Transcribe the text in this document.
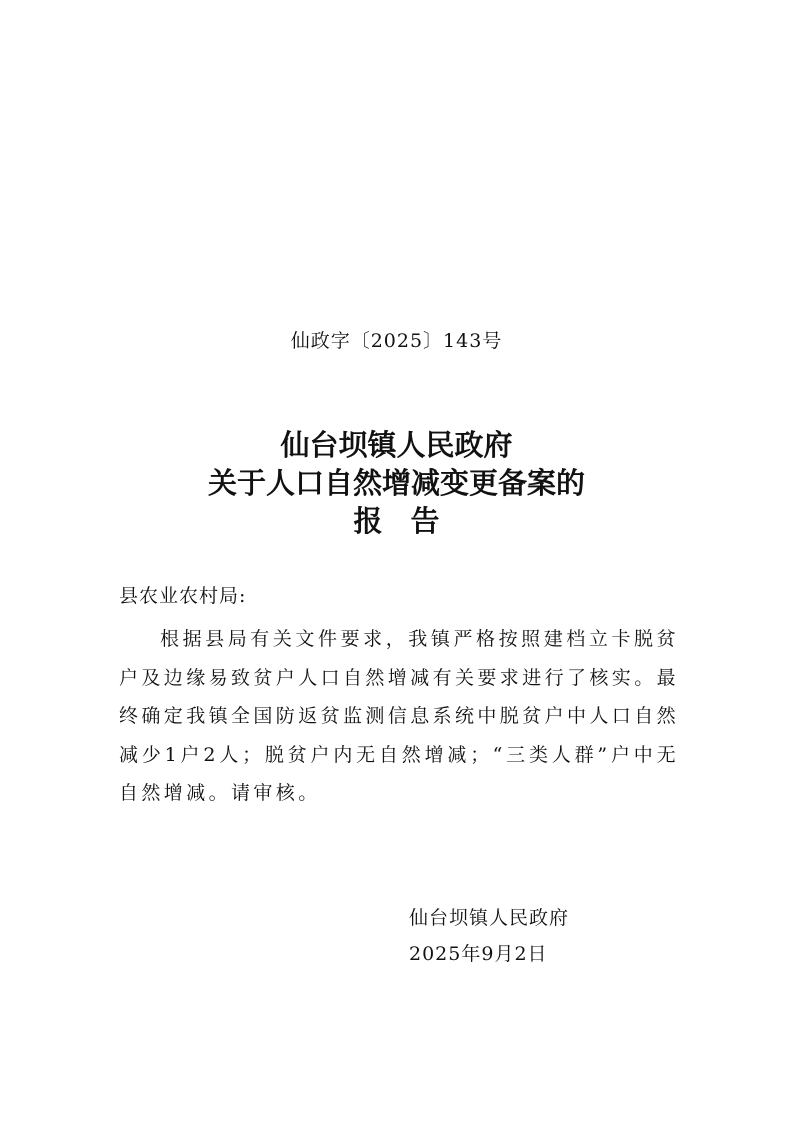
仙政字〔2025〕143号
仙台坝镇人民政府
关于人口自然增减变更备案的
报告
县农业农村局:

根据县局有关文件要求，我镇严格按照建档立卡脱贫户及边缘易致贫户人口自然增减有关要求进行了核实。最终确定我镇全国防返贫监测信息系统中脱贫户中人口自然减少1户2人；脱贫户内无自然增减；“三类人群”户中无自然增减。请审核。

仙台坝镇人民政府
2025年9月2日
